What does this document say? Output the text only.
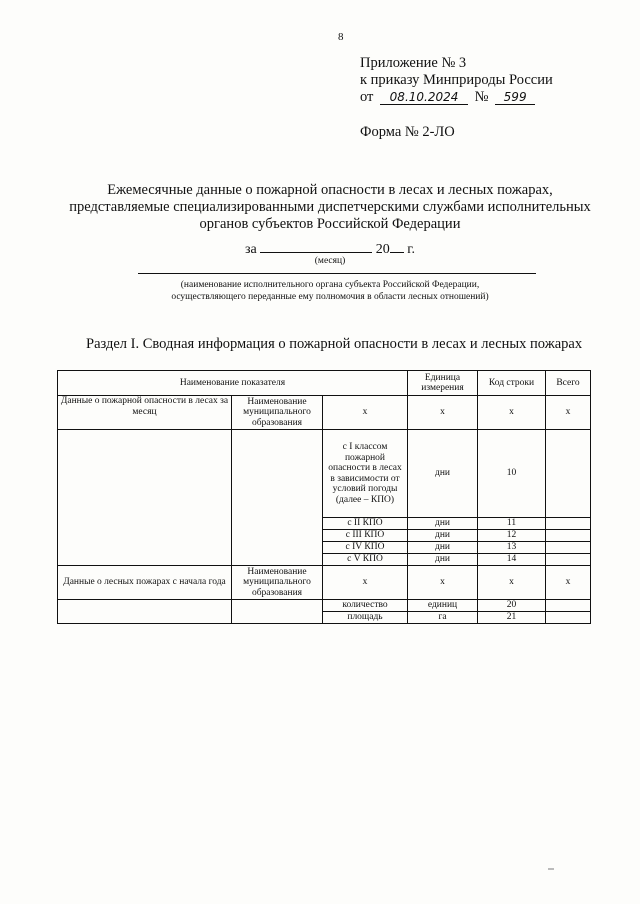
8
Приложение № 3
к приказу Минприроды России
от 08.10.2024 № 599
Форма № 2-ЛО
Ежемесячные данные о пожарной опасности в лесах и лесных пожарах,
представляемые специализированными диспетчерскими службами исполнительных
органов субъектов Российской Федерации
за	20 г.
(месяц)
(наименование исполнительного органа субъекта Российской Федерации,
осуществляющего переданные ему полномочия в области лесных отношений)
Раздел I. Сводная информация о пожарной опасности в лесах и лесных пожарах
Наименование показателя			Единица измерения	Код строки	Всего
Данные о пожарной опасности в лесах за месяц	Наименование муниципального образования	х	х	х	х
		с I классом пожарной опасности в лесах в зависимости от условий погоды (далее – КПО)	дни	10	
		с II КПО	дни	11	
		с III КПО	дни	12	
		с IV КПО	дни	13	
		с V КПО	дни	14	
Данные о лесных пожарах с начала года	Наименование муниципального образования	х	х	х	х
		количество	единиц	20	
		площадь	га	21	
